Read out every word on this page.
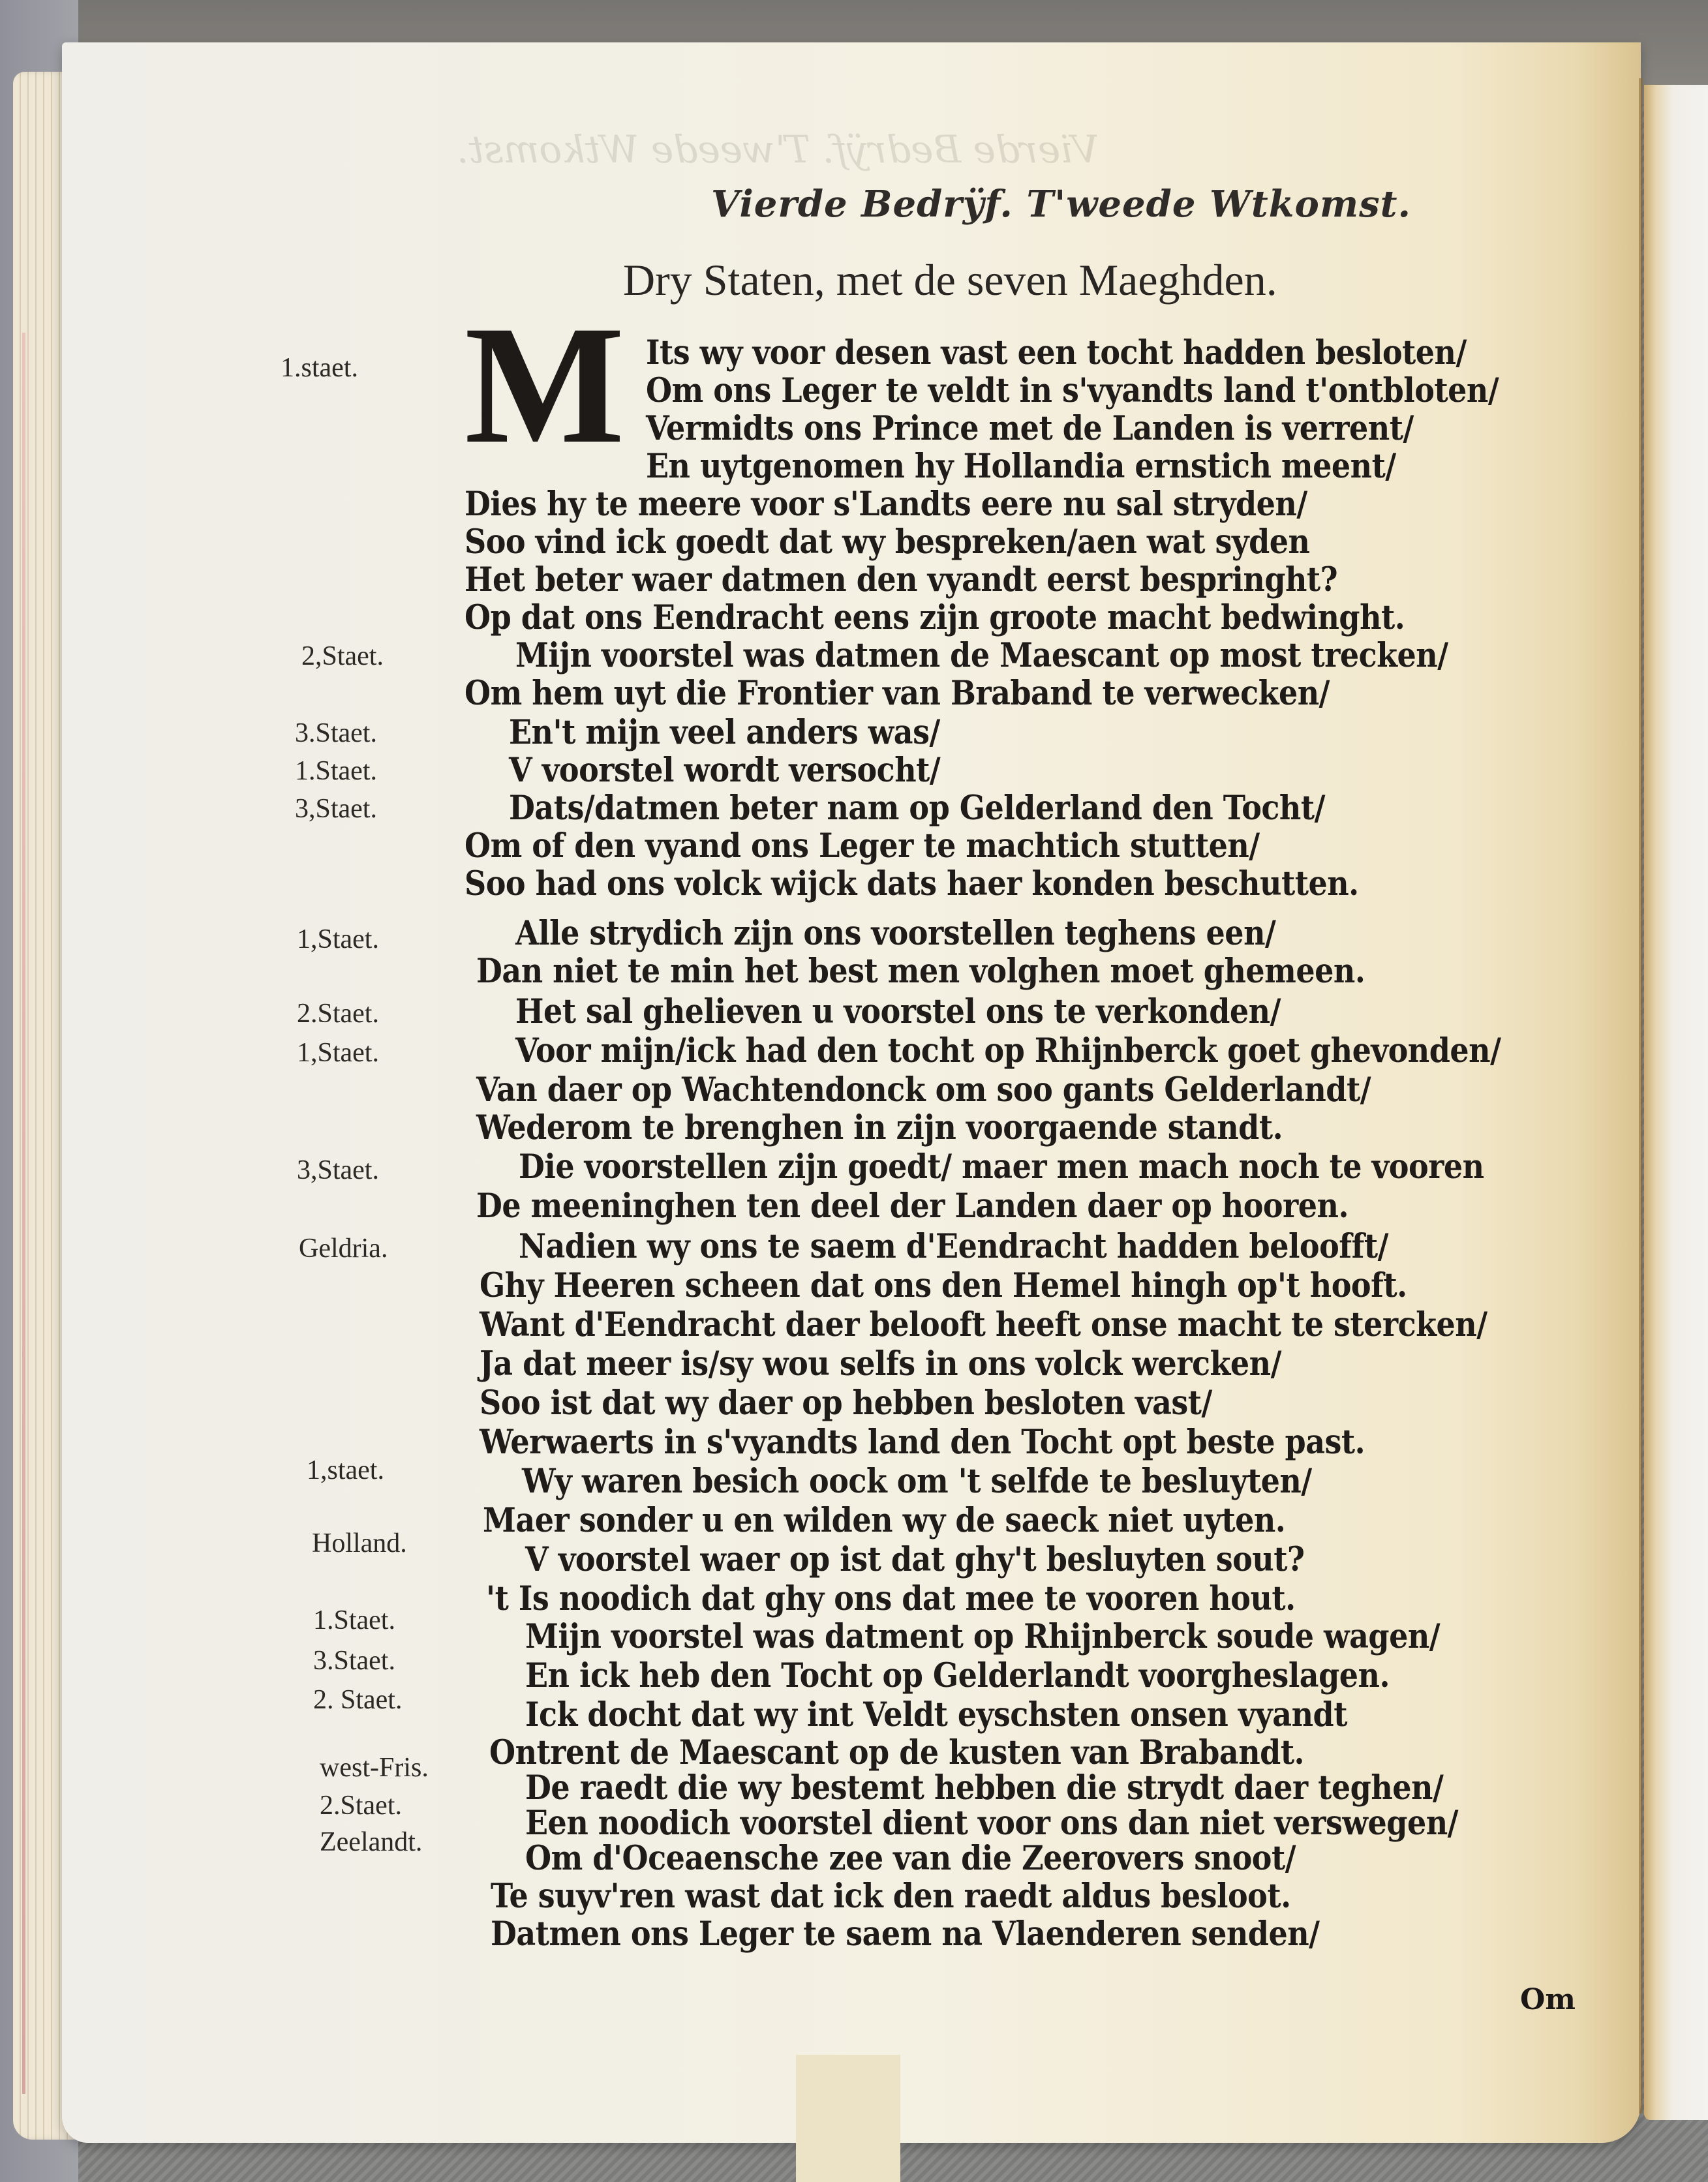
Vierde Bedrÿf. T'weede Wtkomst.
Vierde Bedrÿf. T'weede Wtkomst.
Dry Staten, met de seven Maeghden.
M
1.staet.	Its wy voor desen vast een tocht hadden besloten/
Om ons Leger te veldt in s'vyandts land t'ontbloten/
Vermidts ons Prince met de Landen is verrent/
En uytgenomen hy Hollandia ernstich meent/
Dies hy te meere voor s'Landts eere nu sal stryden/
Soo vind ick goedt dat wy bespreken/aen wat syden
Het beter waer datmen den vyandt eerst bespringht?
Op dat ons Eendracht eens zijn groote macht bedwinght.
2,Staet.	Mijn voorstel was datmen de Maescant op most trecken/
Om hem uyt die Frontier van Braband te verwecken/
3.Staet.	En't mijn veel anders was/
1.Staet.	V voorstel wordt versocht/
3,Staet.	Dats/datmen beter nam op Gelderland den Tocht/
Om of den vyand ons Leger te machtich stutten/
Soo had ons volck wijck dats haer konden beschutten.
1,Staet.	Alle strydich zijn ons voorstellen teghens een/
Dan niet te min het best men volghen moet ghemeen.
2.Staet.	Het sal ghelieven u voorstel ons te verkonden/
1,Staet.	Voor mijn/ick had den tocht op Rhijnberck goet ghevonden/
Van daer op Wachtendonck om soo gants Gelderlandt/
Wederom te brenghen in zijn voorgaende standt.
3,Staet.	Die voorstellen zijn goedt/ maer men mach noch te vooren
De meeninghen ten deel der Landen daer op hooren.
Geldria.	Nadien wy ons te saem d'Eendracht hadden beloofft/
Ghy Heeren scheen dat ons den Hemel hingh op't hooft.
Want d'Eendracht daer belooft heeft onse macht te stercken/
Ja dat meer is/sy wou selfs in ons volck wercken/
Soo ist dat wy daer op hebben besloten vast/
Werwaerts in s'vyandts land den Tocht opt beste past.
1,staet.	Wy waren besich oock om 't selfde te besluyten/
Maer sonder u en wilden wy de saeck niet uyten.
Holland.	V voorstel waer op ist dat ghy't besluyten sout?
't Is noodich dat ghy ons dat mee te vooren hout.
1.Staet.	Mijn voorstel was datment op Rhijnberck soude wagen/
3.Staet.	En ick heb den Tocht op Gelderlandt voorgheslagen.
2. Staet.	Ick docht dat wy int Veldt eyschsten onsen vyandt
Ontrent de Maescant op de kusten van Brabandt.
west-Fris.	De raedt die wy bestemt hebben die strydt daer teghen/
2.Staet.	Een noodich voorstel dient voor ons dan niet verswegen/
Zeelandt.	Om d'Oceaensche zee van die Zeerovers snoot/
Te suyv'ren wast dat ick den raedt aldus besloot.
Datmen ons Leger te saem na Vlaenderen senden/
Om
